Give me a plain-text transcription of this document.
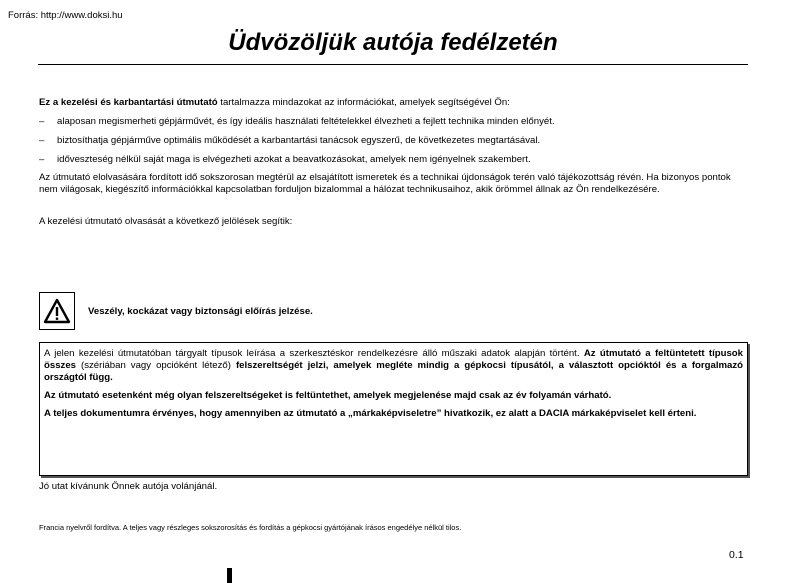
Forrás: http://www.doksi.hu
Üdvözöljük autója fedélzetén
Ez a kezelési és karbantartási útmutató tartalmazza mindazokat az információkat, amelyek segítségével Ön:
–	alaposan megismerheti gépjárművét, és így ideális használati feltételekkel élvezheti a fejlett technika minden előnyét.
–	biztosíthatja gépjárműve optimális működését a karbantartási tanácsok egyszerű, de következetes megtartásával.
–	időveszteség nélkül saját maga is elvégezheti azokat a beavatkozásokat, amelyek nem igényelnek szakembert.
Az útmutató elolvasására fordított idő sokszorosan megtérül az elsajátított ismeretek és a technikai újdonságok terén való tájékozottság révén. Ha bizonyos pontok nem világosak, kiegészítő információkkal kapcsolatban forduljon bizalommal a hálózat technikusaihoz, akik örömmel állnak az Ön rendelkezésére.
A kezelési útmutató olvasását a következő jelölések segítik:
Veszély, kockázat vagy biztonsági előírás jelzése.

A jelen kezelési útmutatóban tárgyalt típusok leírása a szerkesztéskor rendelkezésre álló műszaki adatok alapján történt. Az útmutató a feltüntetett típusok összes (szériában vagy opcióként létező) felszereltségét jelzi, amelyek megléte mindig a gépkocsi típusától, a választott opcióktól és a forgalmazó országtól függ.

Az útmutató esetenként még olyan felszereltségeket is feltüntethet, amelyek megjelenése majd csak az év folyamán várható.

A teljes dokumentumra érvényes, hogy amennyiben az útmutató a „márkaképviseletre” hivatkozik, ez alatt a DACIA márkaképviselet kell érteni.

Jó utat kívánunk Önnek autója volánjánál.
Francia nyelvről fordítva. A teljes vagy részleges sokszorosítás és fordítás a gépkocsi gyártójának írásos engedélye nélkül tilos.
0.1
